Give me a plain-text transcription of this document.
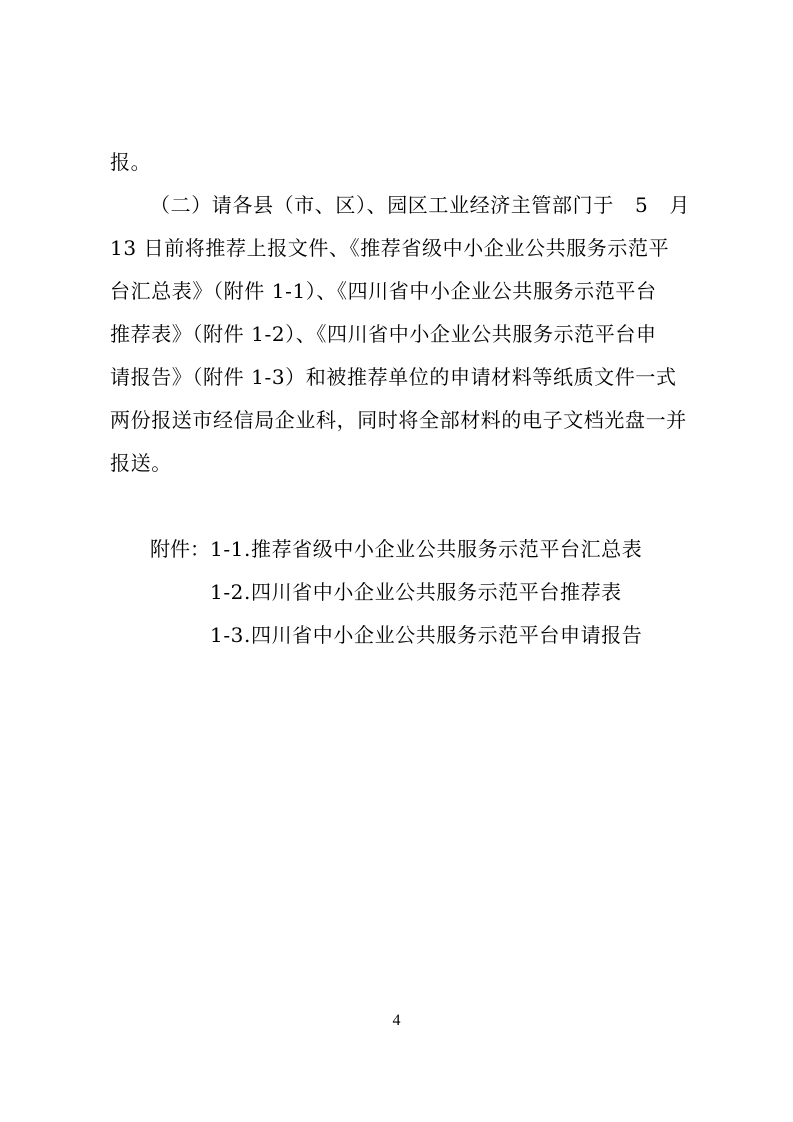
报。
（二）请各县（市、区）、园区工业经济主管部门于 5 月
13 日前将推荐上报文件、《推荐省级中小企业公共服务示范平
台汇总表》（附件 1-1）、《四川省中小企业公共服务示范平台
推荐表》（附件 1-2）、《四川省中小企业公共服务示范平台申
请报告》（附件 1-3）和被推荐单位的申请材料等纸质文件一式
两份报送市经信局企业科，同时将全部材料的电子文档光盘一并
报送。
附件： 1-1.推荐省级中小企业公共服务示范平台汇总表
1-2.四川省中小企业公共服务示范平台推荐表
1-3.四川省中小企业公共服务示范平台申请报告
4
